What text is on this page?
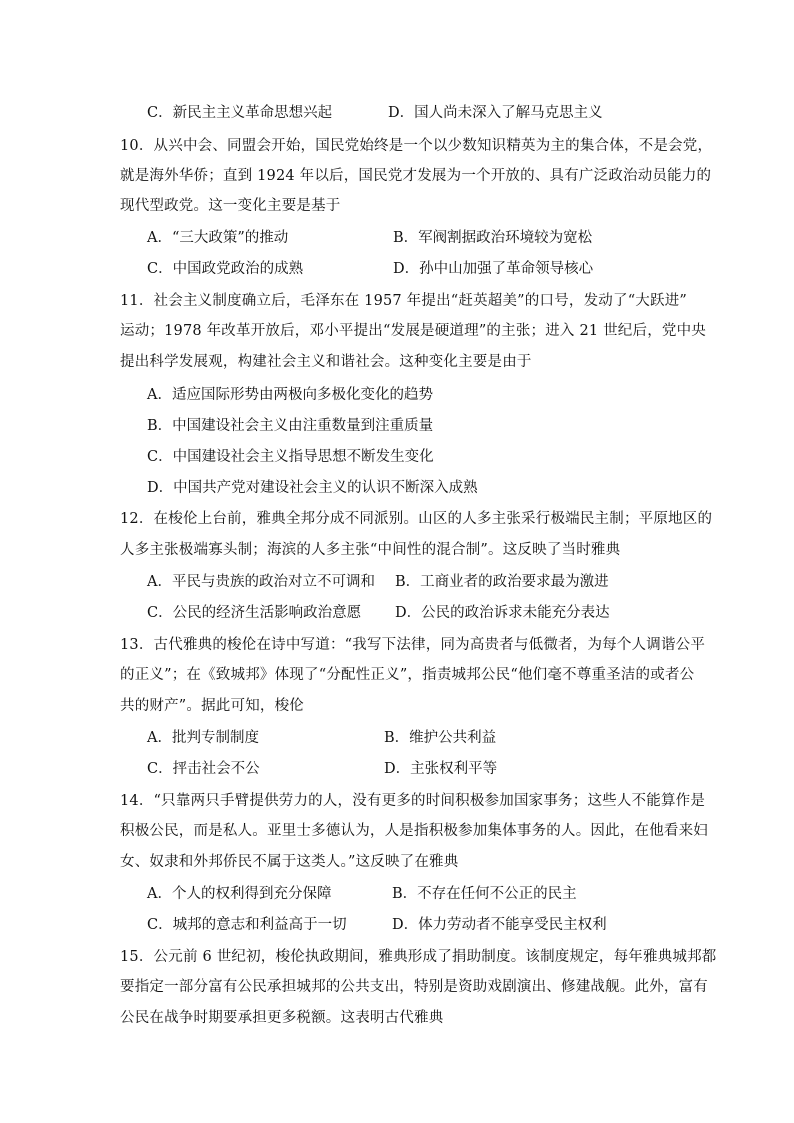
C．新民主主义革命思想兴起	D．国人尚未深入了解马克思主义
10．从兴中会、同盟会开始，国民党始终是一个以少数知识精英为主的集合体，不是会党，
就是海外华侨；直到 1924 年以后，国民党才发展为一个开放的、具有广泛政治动员能力的
现代型政党。这一变化主要是基于
A．“三大政策”的推动	B．军阀割据政治环境较为宽松
C．中国政党政治的成熟	D．孙中山加强了革命领导核心
11．社会主义制度确立后，毛泽东在 1957 年提出“赶英超美”的口号，发动了“大跃进”
运动；1978 年改革开放后，邓小平提出“发展是硬道理”的主张；进入 21 世纪后，党中央
提出科学发展观，构建社会主义和谐社会。这种变化主要是由于
A．适应国际形势由两极向多极化变化的趋势
B．中国建设社会主义由注重数量到注重质量
C．中国建设社会主义指导思想不断发生变化
D．中国共产党对建设社会主义的认识不断深入成熟
12．在梭伦上台前，雅典全邦分成不同派别。山区的人多主张采行极端民主制；平原地区的
人多主张极端寡头制；海滨的人多主张“中间性的混合制”。这反映了当时雅典
A．平民与贵族的政治对立不可调和 B．工商业者的政治要求最为激进
C．公民的经济生活影响政治意愿 D．公民的政治诉求未能充分表达
13．古代雅典的梭伦在诗中写道：“我写下法律，同为高贵者与低微者，为每个人调谐公平
的正义”；在《致城邦》体现了“分配性正义”，指责城邦公民“他们毫不尊重圣洁的或者公
共的财产”。据此可知，梭伦
A．批判专制制度	B．维护公共利益
C．抨击社会不公	D．主张权利平等
14．“只靠两只手臂提供劳力的人，没有更多的时间积极参加国家事务；这些人不能算作是
积极公民，而是私人。亚里士多德认为，人是指积极参加集体事务的人。因此，在他看来妇
女、奴隶和外邦侨民不属于这类人。”这反映了在雅典
A．个人的权利得到充分保障	B．不存在任何不公正的民主
C．城邦的意志和利益高于一切	D．体力劳动者不能享受民主权利
15．公元前 6 世纪初，梭伦执政期间，雅典形成了捐助制度。该制度规定，每年雅典城邦都
要指定一部分富有公民承担城邦的公共支出，特别是资助戏剧演出、修建战舰。此外，富有
公民在战争时期要承担更多税额。这表明古代雅典
